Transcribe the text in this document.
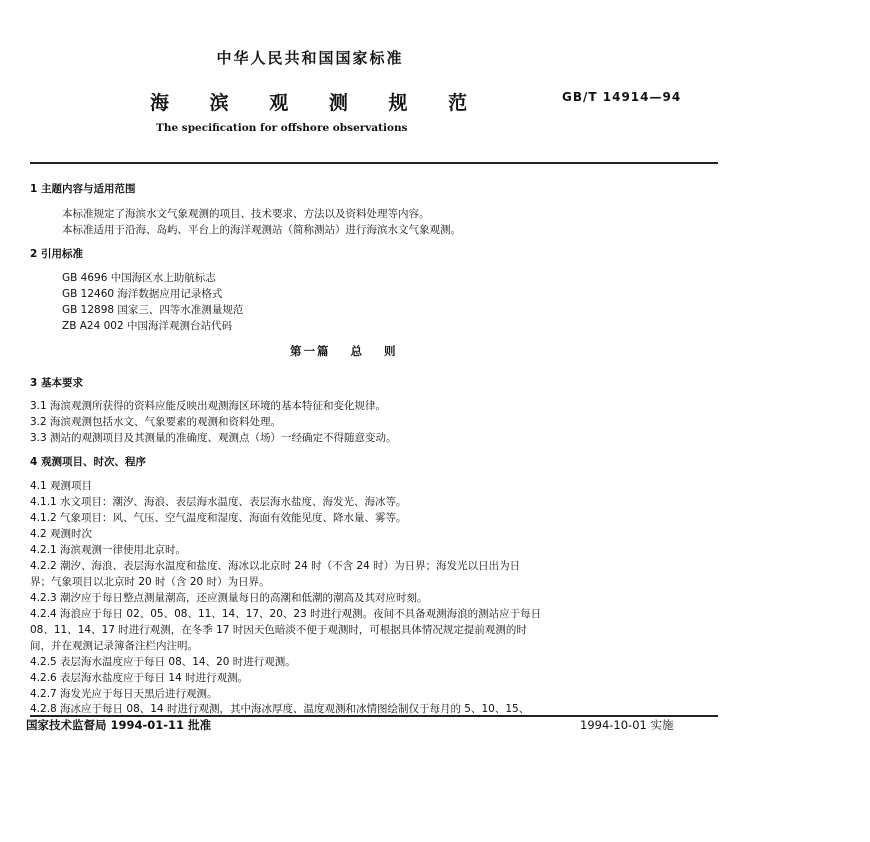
中华人民共和国国家标准
海 滨 观 测 规 范	GB/T 14914—94
The specification for offshore observations
1 主题内容与适用范围
本标准规定了海滨水文气象观测的项目、技术要求、方法以及资料处理等内容。
本标准适用于沿海、岛屿、平台上的海洋观测站（简称测站）进行海滨水文气象观测。
2 引用标准
GB 4696 中国海区水上助航标志
GB 12460 海洋数据应用记录格式
GB 12898 国家三、四等水准测量规范
ZB A24 002 中国海洋观测台站代码
第一篇 总 则
3 基本要求
3.1 海滨观测所获得的资料应能反映出观测海区环境的基本特征和变化规律。
3.2 海滨观测包括水文、气象要素的观测和资料处理。
3.3 测站的观测项目及其测量的准确度、观测点（场）一经确定不得随意变动。
4 观测项目、时次、程序
4.1 观测项目
4.1.1 水文项目：潮汐、海浪、表层海水温度、表层海水盐度、海发光、海冰等。
4.1.2 气象项目：风、气压、空气温度和湿度、海面有效能见度、降水量、雾等。
4.2 观测时次
4.2.1 海滨观测一律使用北京时。
4.2.2 潮汐、海浪、表层海水温度和盐度、海冰以北京时 24 时（不含 24 时）为日界；海发光以日出为日
界；气象项目以北京时 20 时（含 20 时）为日界。
4.2.3 潮汐应于每日整点测量潮高，还应测量每日的高潮和低潮的潮高及其对应时刻。
4.2.4 海浪应于每日 02、05、08、11、14、17、20、23 时进行观测。夜间不具备观测海浪的测站应于每日
08、11、14、17 时进行观测，在冬季 17 时因天色暗淡不便于观测时，可根据具体情况规定提前观测的时
间，并在观测记录簿备注栏内注明。
4.2.5 表层海水温度应于每日 08、14、20 时进行观测。
4.2.6 表层海水盐度应于每日 14 时进行观测。
4.2.7 海发光应于每日天黑后进行观测。
4.2.8 海冰应于每日 08、14 时进行观测，其中海冰厚度、温度观测和冰情图绘制仅于每月的 5、10、15、
国家技术监督局 1994-01-11 批准	1994-10-01 实施
